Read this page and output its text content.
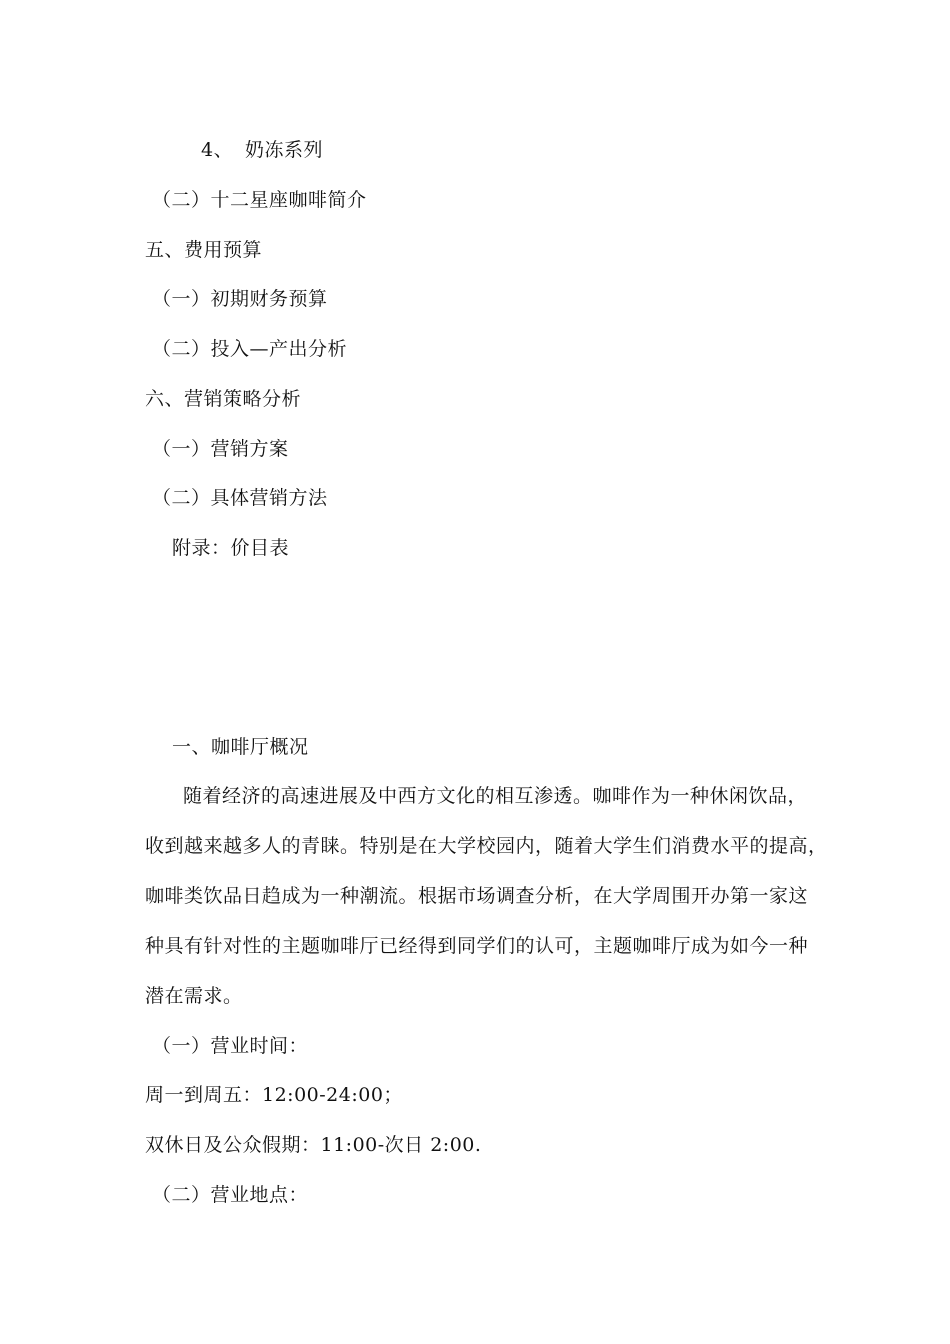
4、 奶冻系列
（二）十二星座咖啡简介
五、费用预算
（一）初期财务预算
（二）投入—产出分析
六、营销策略分析
（一）营销方案
（二）具体营销方法
附录：价目表
一、咖啡厅概况
随着经济的高速进展及中西方文化的相互渗透。咖啡作为一种休闲饮品，
收到越来越多人的青睐。特别是在大学校园内，随着大学生们消费水平的提高，
咖啡类饮品日趋成为一种潮流。根据市场调查分析，在大学周围开办第一家这
种具有针对性的主题咖啡厅已经得到同学们的认可，主题咖啡厅成为如今一种
潜在需求。
（一）营业时间：
周一到周五：12:00-24:00；
双休日及公众假期：11:00-次日 2:00.
（二）营业地点：
